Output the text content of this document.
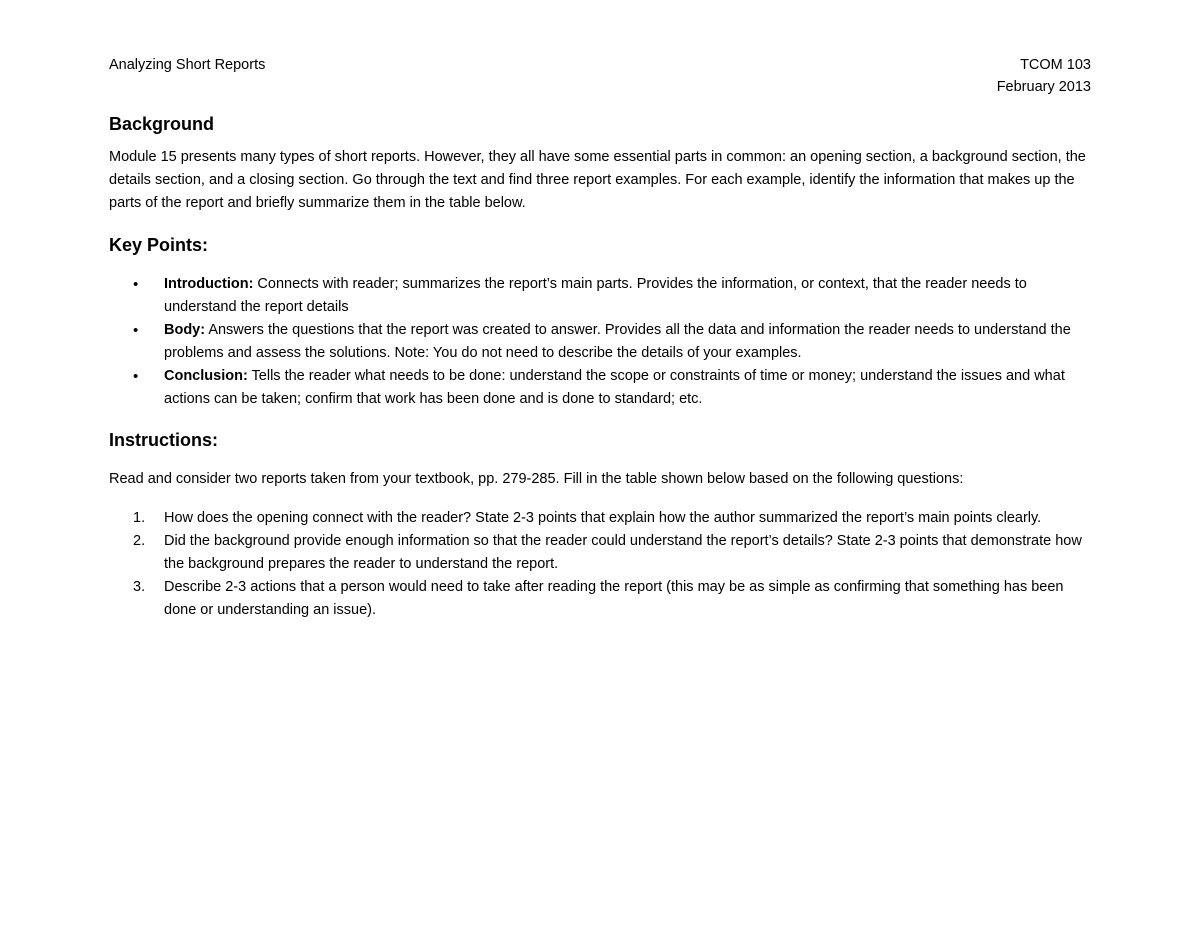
Analyzing Short Reports	TCOM 103
February 2013
Background

Module 15 presents many types of short reports. However, they all have some essential parts in common: an opening section, a background section, the details section, and a closing section. Go through the text and find three report examples. For each example, identify the information that makes up the parts of the report and briefly summarize them in the table below.

Key Points:
• Introduction: Connects with reader; summarizes the report’s main parts. Provides the information, or context, that the reader needs to understand the report details
• Body: Answers the questions that the report was created to answer. Provides all the data and information the reader needs to understand the problems and assess the solutions. Note: You do not need to describe the details of your examples.
• Conclusion: Tells the reader what needs to be done: understand the scope or constraints of time or money; understand the issues and what actions can be taken; confirm that work has been done and is done to standard; etc.
Instructions:

Read and consider two reports taken from your textbook, pp. 279-285. Fill in the table shown below based on the following questions:

1. How does the opening connect with the reader? State 2-3 points that explain how the author summarized the report’s main points clearly.
2. Did the background provide enough information so that the reader could understand the report’s details? State 2-3 points that demonstrate how the background prepares the reader to understand the report.
3. Describe 2-3 actions that a person would need to take after reading the report (this may be as simple as confirming that something has been done or understanding an issue).
